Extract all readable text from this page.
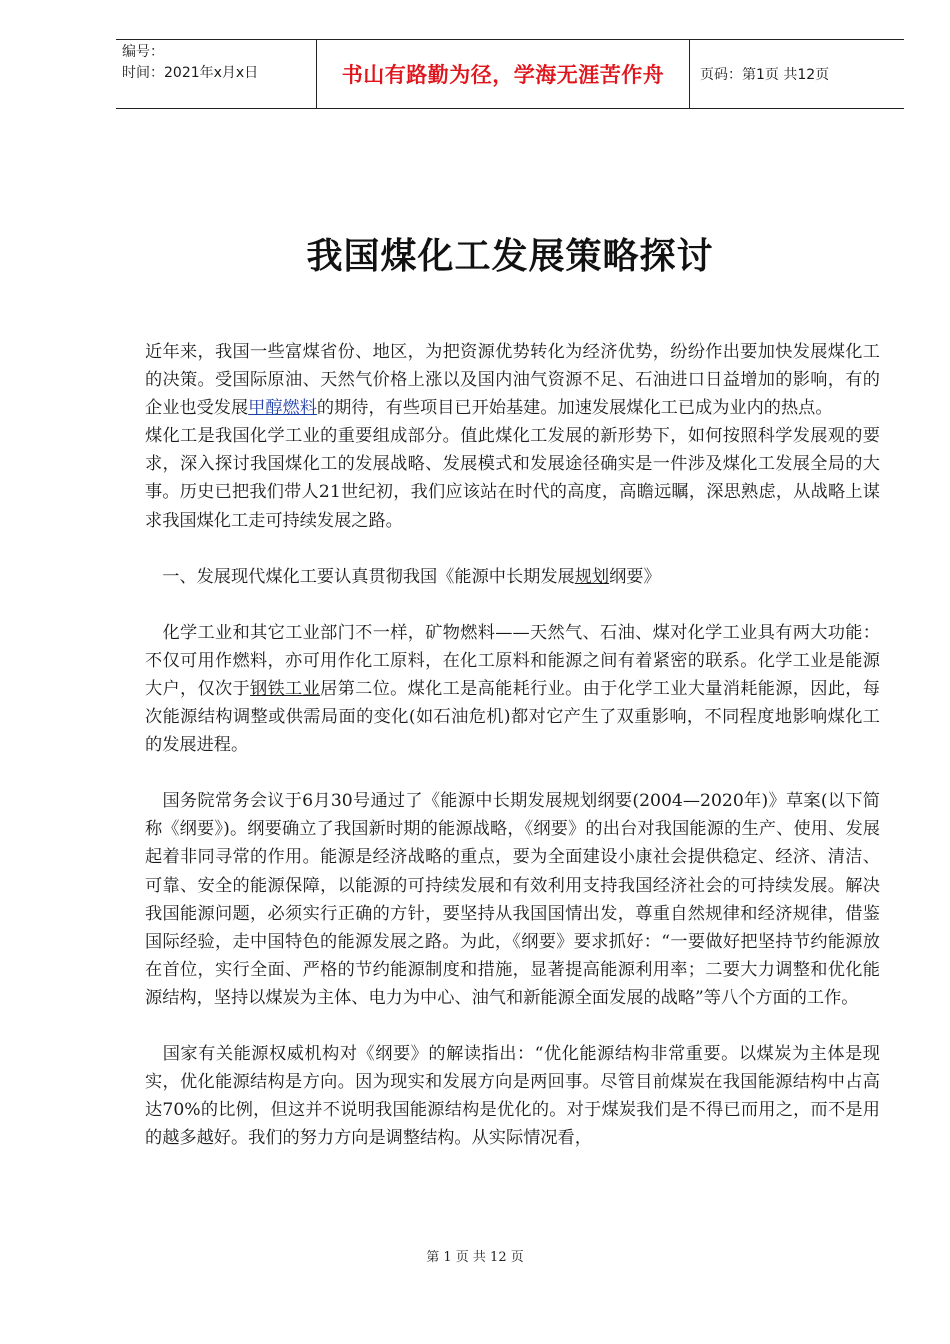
编号：
时间：2021年x月x日	书山有路勤为径，学海无涯苦作舟	页码：第1页 共12页
我国煤化工发展策略探讨

近年来，我国一些富煤省份、地区，为把资源优势转化为经济优势，纷纷作出要加快发展煤化工的决策。受国际原油、天然气价格上涨以及国内油气资源不足、石油进口日益增加的影响，有的企业也受发展甲醇燃料的期待，有些项目已开始基建。加速发展煤化工已成为业内的热点。

煤化工是我国化学工业的重要组成部分。值此煤化工发展的新形势下，如何按照科学发展观的要求，深入探讨我国煤化工的发展战略、发展模式和发展途径确实是一件涉及煤化工发展全局的大事。历史已把我们带人21世纪初，我们应该站在时代的高度，高瞻远瞩，深思熟虑，从战略上谋求我国煤化工走可持续发展之路。

　一、发展现代煤化工要认真贯彻我国《能源中长期发展规划纲要》

　化学工业和其它工业部门不一样，矿物燃料——天然气、石油、煤对化学工业具有两大功能：不仅可用作燃料，亦可用作化工原料，在化工原料和能源之间有着紧密的联系。化学工业是能源大户，仅次于钢铁工业居第二位。煤化工是高能耗行业。由于化学工业大量消耗能源，因此，每次能源结构调整或供需局面的变化(如石油危机)都对它产生了双重影响，不同程度地影响煤化工的发展进程。

　国务院常务会议于6月30号通过了《能源中长期发展规划纲要(2004—2020年)》草案(以下简称《纲要》)。纲要确立了我国新时期的能源战略，《纲要》的出台对我国能源的生产、使用、发展起着非同寻常的作用。能源是经济战略的重点，要为全面建设小康社会提供稳定、经济、清洁、可靠、安全的能源保障，以能源的可持续发展和有效利用支持我国经济社会的可持续发展。解决我国能源问题，必须实行正确的方针，要坚持从我国国情出发，尊重自然规律和经济规律，借鉴国际经验，走中国特色的能源发展之路。为此，《纲要》要求抓好：“一要做好把坚持节约能源放在首位，实行全面、严格的节约能源制度和措施，显著提高能源利用率；二要大力调整和优化能源结构，坚持以煤炭为主体、电力为中心、油气和新能源全面发展的战略”等八个方面的工作。

　国家有关能源权威机构对《纲要》的解读指出：“优化能源结构非常重要。以煤炭为主体是现实，优化能源结构是方向。因为现实和发展方向是两回事。尽管目前煤炭在我国能源结构中占高达70%的比例，但这并不说明我国能源结构是优化的。对于煤炭我们是不得已而用之，而不是用的越多越好。我们的努力方向是调整结构。从实际情况看，

第 1 页 共 12 页
